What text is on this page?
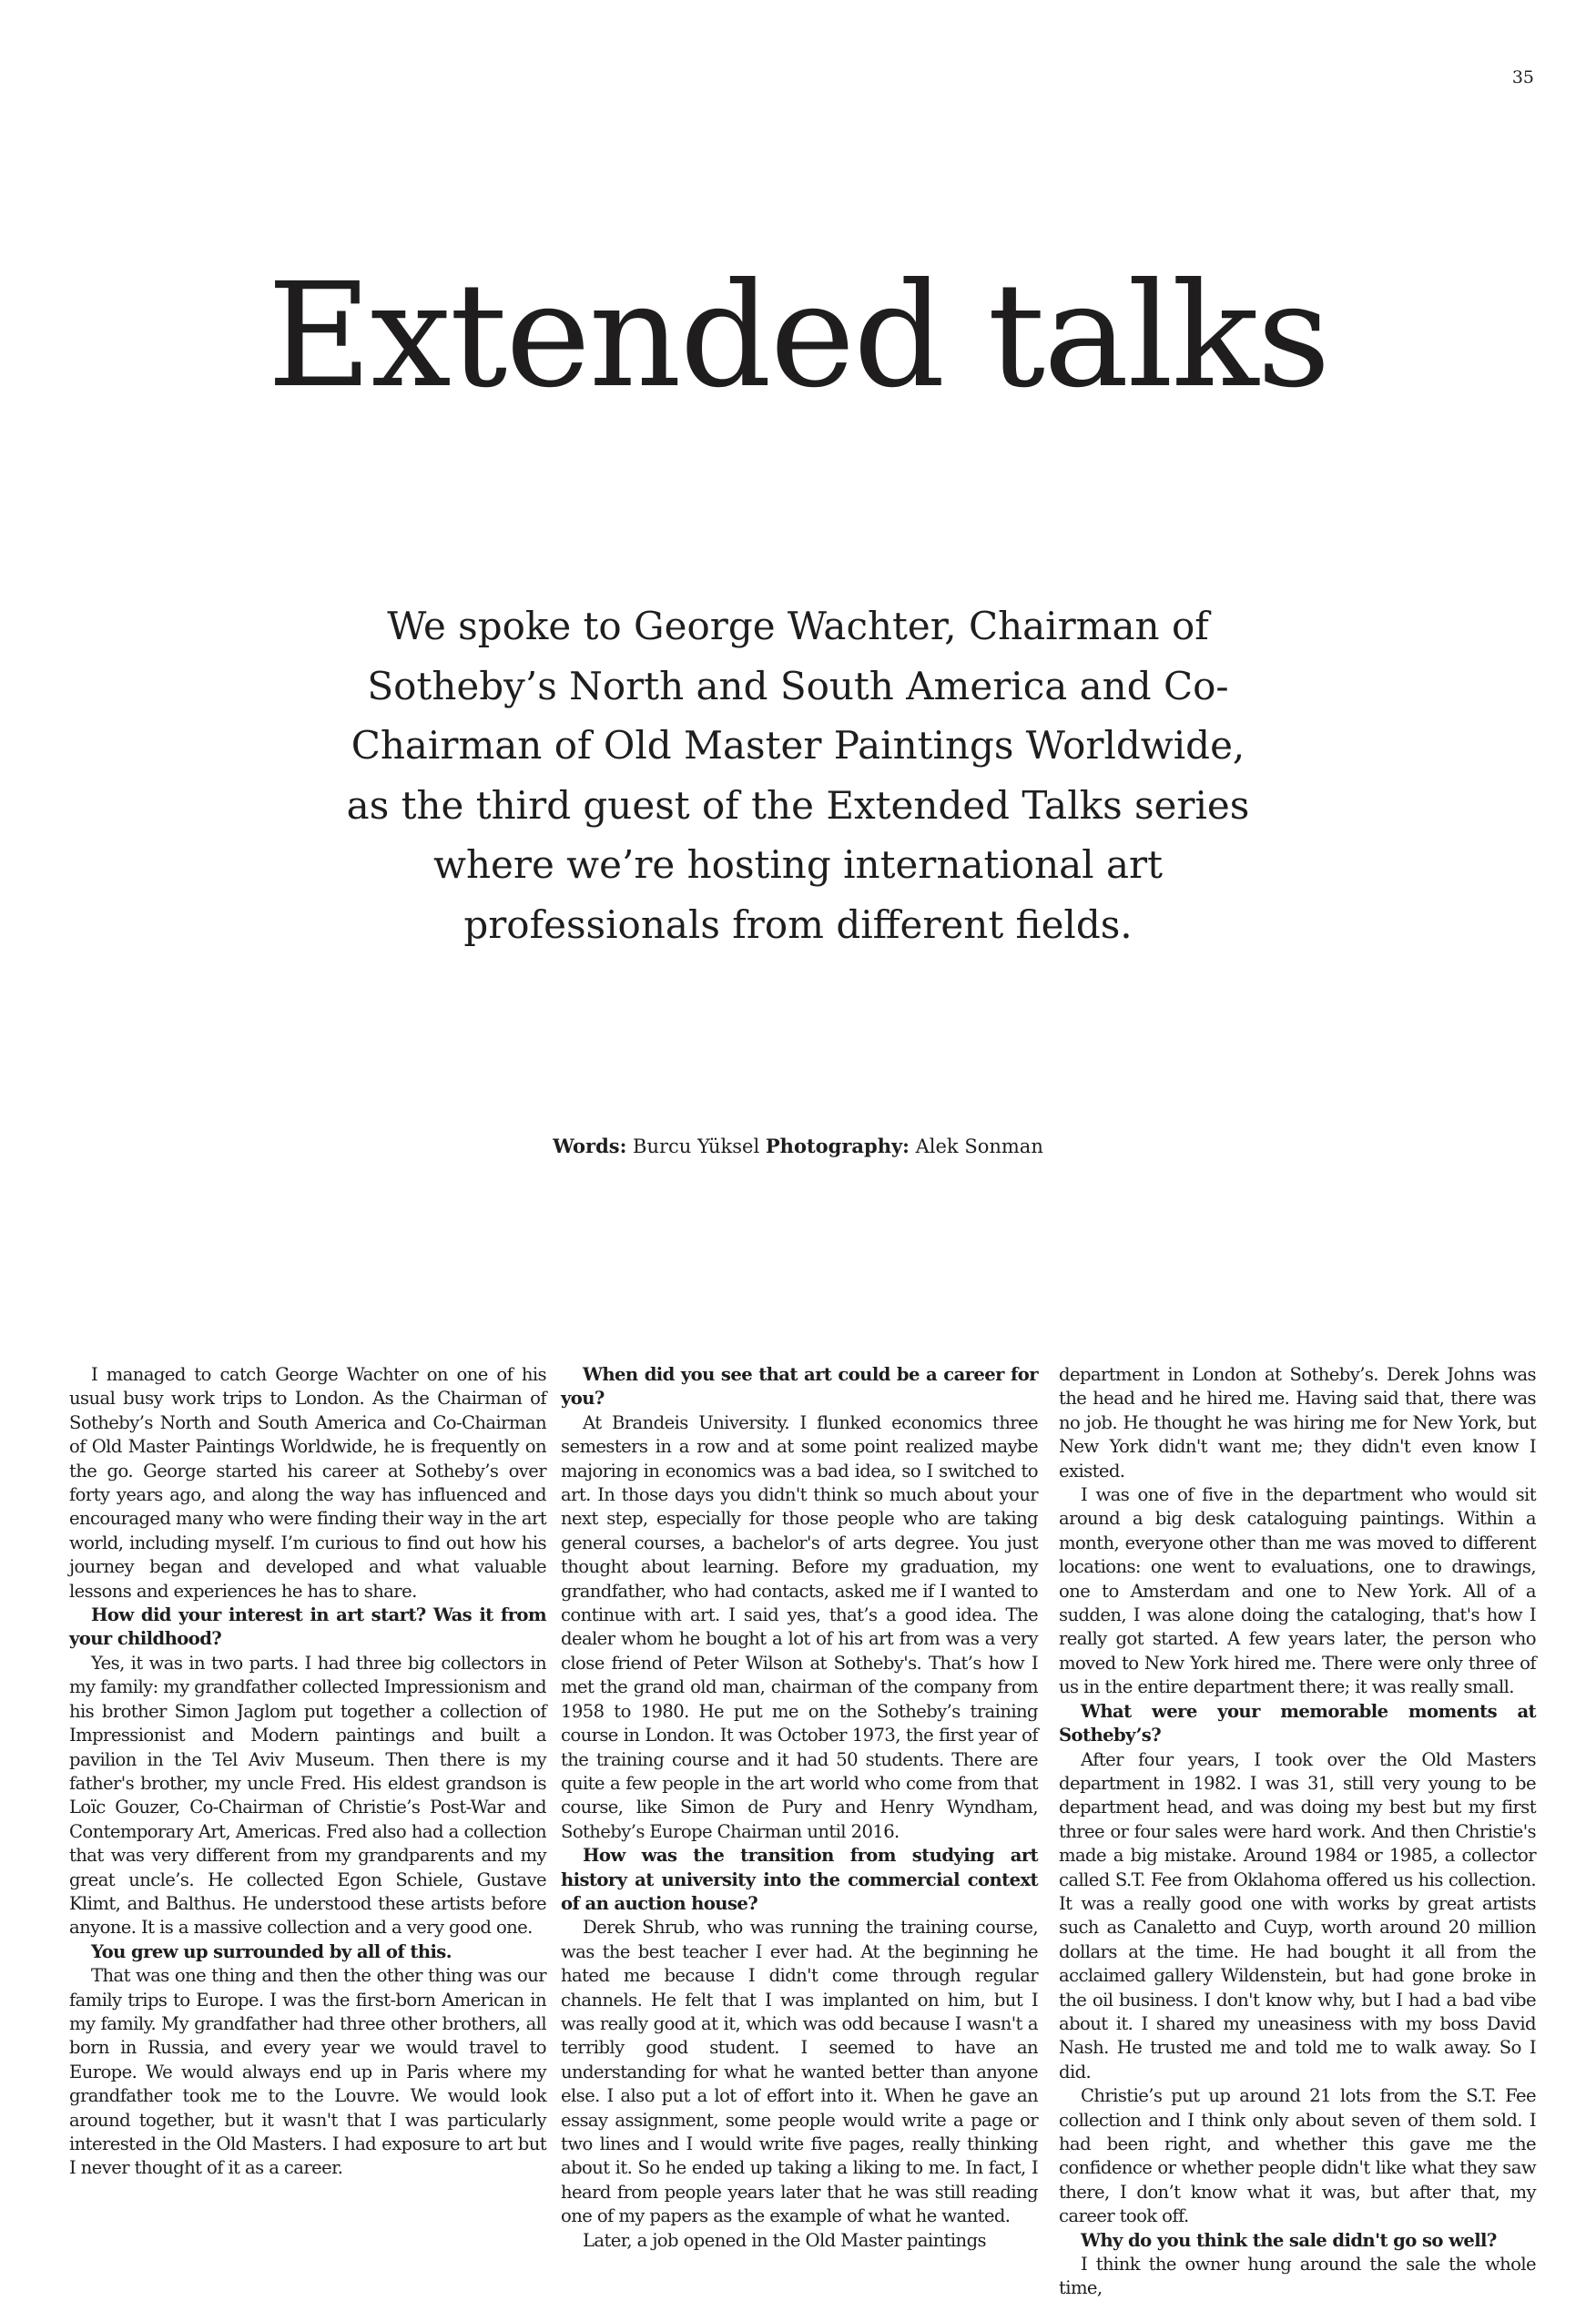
35
Extended talks

We spoke to George Wachter, Chairman of Sotheby’s North and South America and Co-Chairman of Old Master Paintings Worldwide, as the third guest of the Extended Talks series where we’re hosting international art professionals from different fields.

Words: Burcu Yüksel Photography: Alek Sonman

I managed to catch George Wachter on one of his usual busy work trips to London. As the Chairman of Sotheby’s North and South America and Co-Chairman of Old Master Paintings Worldwide, he is frequently on the go. George started his career at Sotheby’s over forty years ago, and along the way has influenced and encouraged many who were finding their way in the art world, including myself. I’m curious to find out how his journey began and developed and what valuable lessons and experiences he has to share.

How did your interest in art start? Was it from your childhood?

Yes, it was in two parts. I had three big collectors in my family: my grandfather collected Impressionism and his brother Simon Jaglom put together a collection of Impressionist and Modern paintings and built a pavilion in the Tel Aviv Museum. Then there is my father's brother, my uncle Fred. His eldest grandson is Loïc Gouzer, Co-Chairman of Christie’s Post-War and Contemporary Art, Americas. Fred also had a collection that was very different from my grandparents and my great uncle’s. He collected Egon Schiele, Gustave Klimt, and Balthus. He understood these artists before anyone. It is a massive collection and a very good one.

You grew up surrounded by all of this.

That was one thing and then the other thing was our family trips to Europe. I was the first-born American in my family. My grandfather had three other brothers, all born in Russia, and every year we would travel to Europe. We would always end up in Paris where my grandfather took me to the Louvre. We would look around together, but it wasn't that I was particularly interested in the Old Masters. I had exposure to art but I never thought of it as a career.

When did you see that art could be a career for you?

At Brandeis University. I flunked economics three semesters in a row and at some point realized maybe majoring in economics was a bad idea, so I switched to art. In those days you didn't think so much about your next step, especially for those people who are taking general courses, a bachelor's of arts degree. You just thought about learning. Before my graduation, my grandfather, who had contacts, asked me if I wanted to continue with art. I said yes, that’s a good idea. The dealer whom he bought a lot of his art from was a very close friend of Peter Wilson at Sotheby's. That’s how I met the grand old man, chairman of the company from 1958 to 1980. He put me on the Sotheby’s training course in London. It was October 1973, the first year of the training course and it had 50 students. There are quite a few people in the art world who come from that course, like Simon de Pury and Henry Wyndham, Sotheby’s Europe Chairman until 2016.

How was the transition from studying art history at university into the commercial context of an auction house?

Derek Shrub, who was running the training course, was the best teacher I ever had. At the beginning he hated me because I didn't come through regular channels. He felt that I was implanted on him, but I was really good at it, which was odd because I wasn't a terribly good student. I seemed to have an understanding for what he wanted better than anyone else. I also put a lot of effort into it. When he gave an essay assignment, some people would write a page or two lines and I would write five pages, really thinking about it. So he ended up taking a liking to me. In fact, I heard from people years later that he was still reading one of my papers as the example of what he wanted.

Later, a job opened in the Old Master paintings

department in London at Sotheby’s. Derek Johns was the head and he hired me. Having said that, there was no job. He thought he was hiring me for New York, but New York didn't want me; they didn't even know I existed.

I was one of five in the department who would sit around a big desk cataloguing paintings. Within a month, everyone other than me was moved to different locations: one went to evaluations, one to drawings, one to Amsterdam and one to New York. All of a sudden, I was alone doing the cataloging, that's how I really got started. A few years later, the person who moved to New York hired me. There were only three of us in the entire department there; it was really small.

What were your memorable moments at Sotheby’s?

After four years, I took over the Old Masters department in 1982. I was 31, still very young to be department head, and was doing my best but my first three or four sales were hard work. And then Christie's made a big mistake. Around 1984 or 1985, a collector called S.T. Fee from Oklahoma offered us his collection. It was a really good one with works by great artists such as Canaletto and Cuyp, worth around 20 million dollars at the time. He had bought it all from the acclaimed gallery Wildenstein, but had gone broke in the oil business. I don't know why, but I had a bad vibe about it. I shared my uneasiness with my boss David Nash. He trusted me and told me to walk away. So I did.

Christie’s put up around 21 lots from the S.T. Fee collection and I think only about seven of them sold. I had been right, and whether this gave me the confidence or whether people didn't like what they saw there, I don’t know what it was, but after that, my career took off.

Why do you think the sale didn't go so well?

I think the owner hung around the sale the whole time,
